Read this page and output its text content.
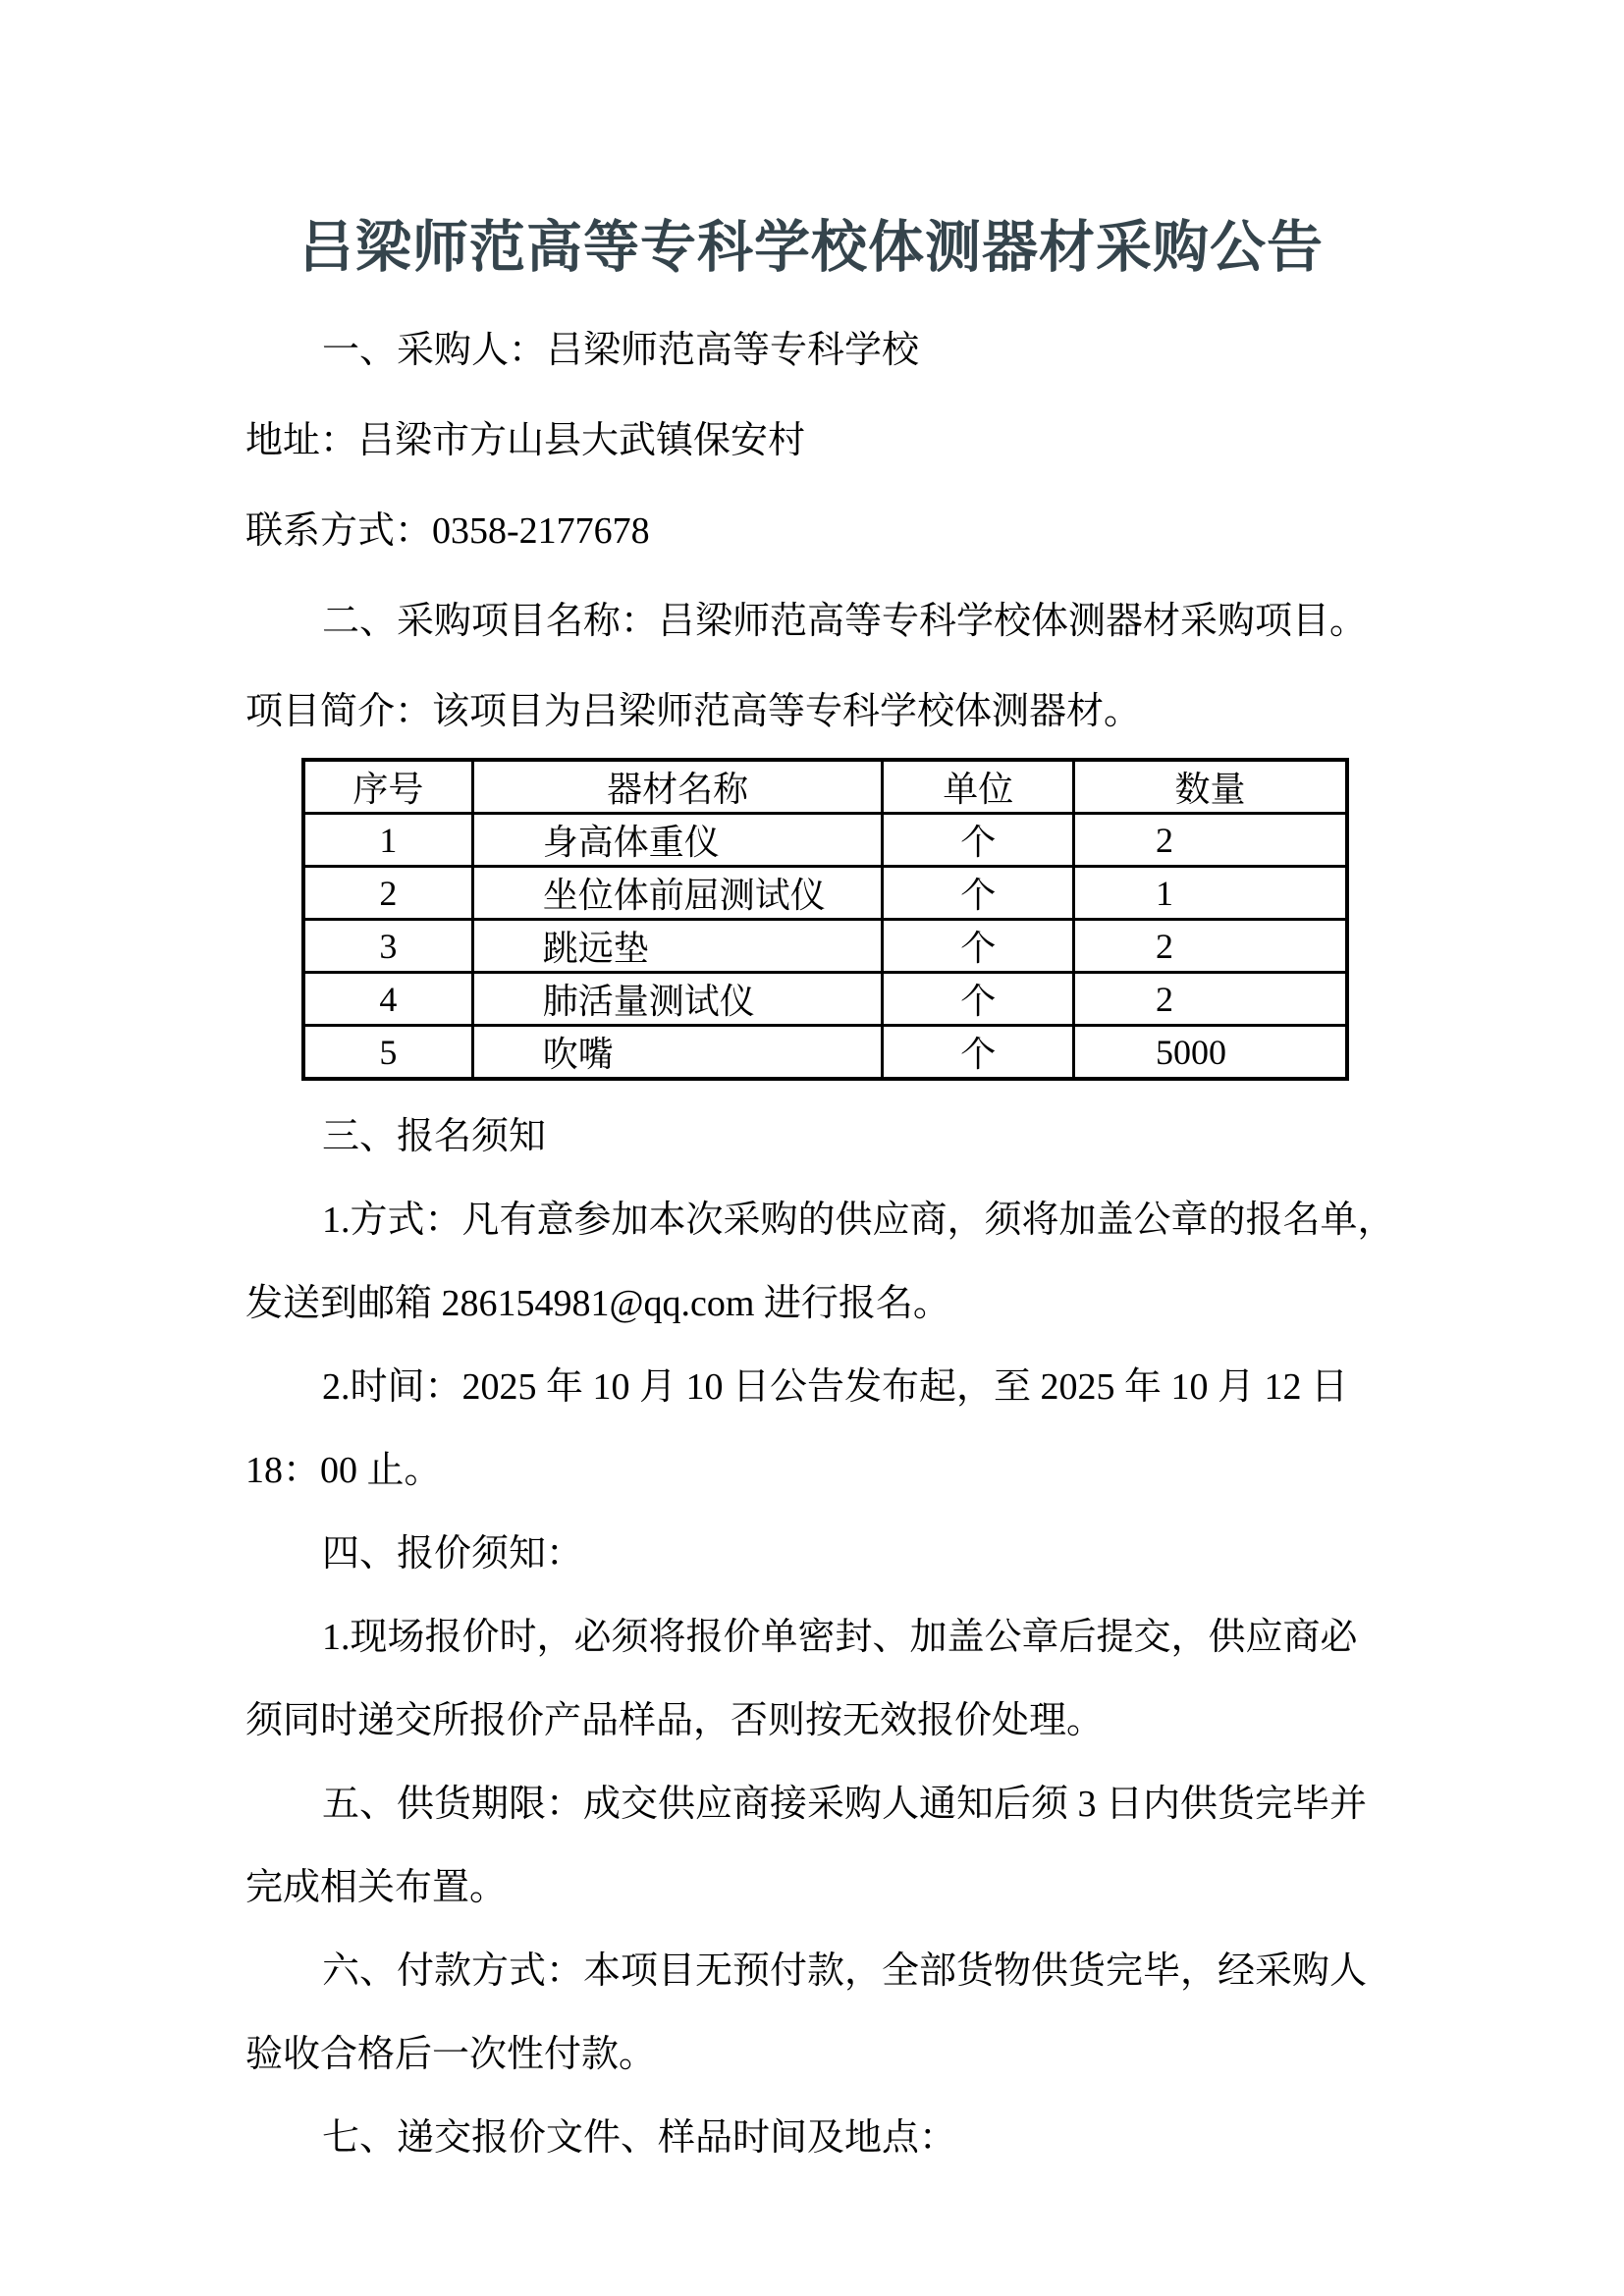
吕梁师范高等专科学校体测器材采购公告
一、采购人：吕梁师范高等专科学校
地址：吕梁市方山县大武镇保安村
联系方式：0358-2177678
二、采购项目名称：吕梁师范高等专科学校体测器材采购项目。
项目简介：该项目为吕梁师范高等专科学校体测器材。
序号	器材名称	单位	数量
1	身高体重仪	个	2
2	坐位体前屈测试仪	个	1
3	跳远垫	个	2
4	肺活量测试仪	个	2
5	吹嘴	个	5000
三、报名须知
1.方式：凡有意参加本次采购的供应商，须将加盖公章的报名单，
发送到邮箱 286154981@qq.com 进行报名。
2.时间：2025 年 10 月 10 日公告发布起，至 2025 年 10 月 12 日
18：00 止。
四、报价须知：
1.现场报价时，必须将报价单密封、加盖公章后提交，供应商必
须同时递交所报价产品样品，否则按无效报价处理。
五、供货期限：成交供应商接采购人通知后须 3 日内供货完毕并
完成相关布置。
六、付款方式：本项目无预付款，全部货物供货完毕，经采购人
验收合格后一次性付款。
七、递交报价文件、样品时间及地点：
